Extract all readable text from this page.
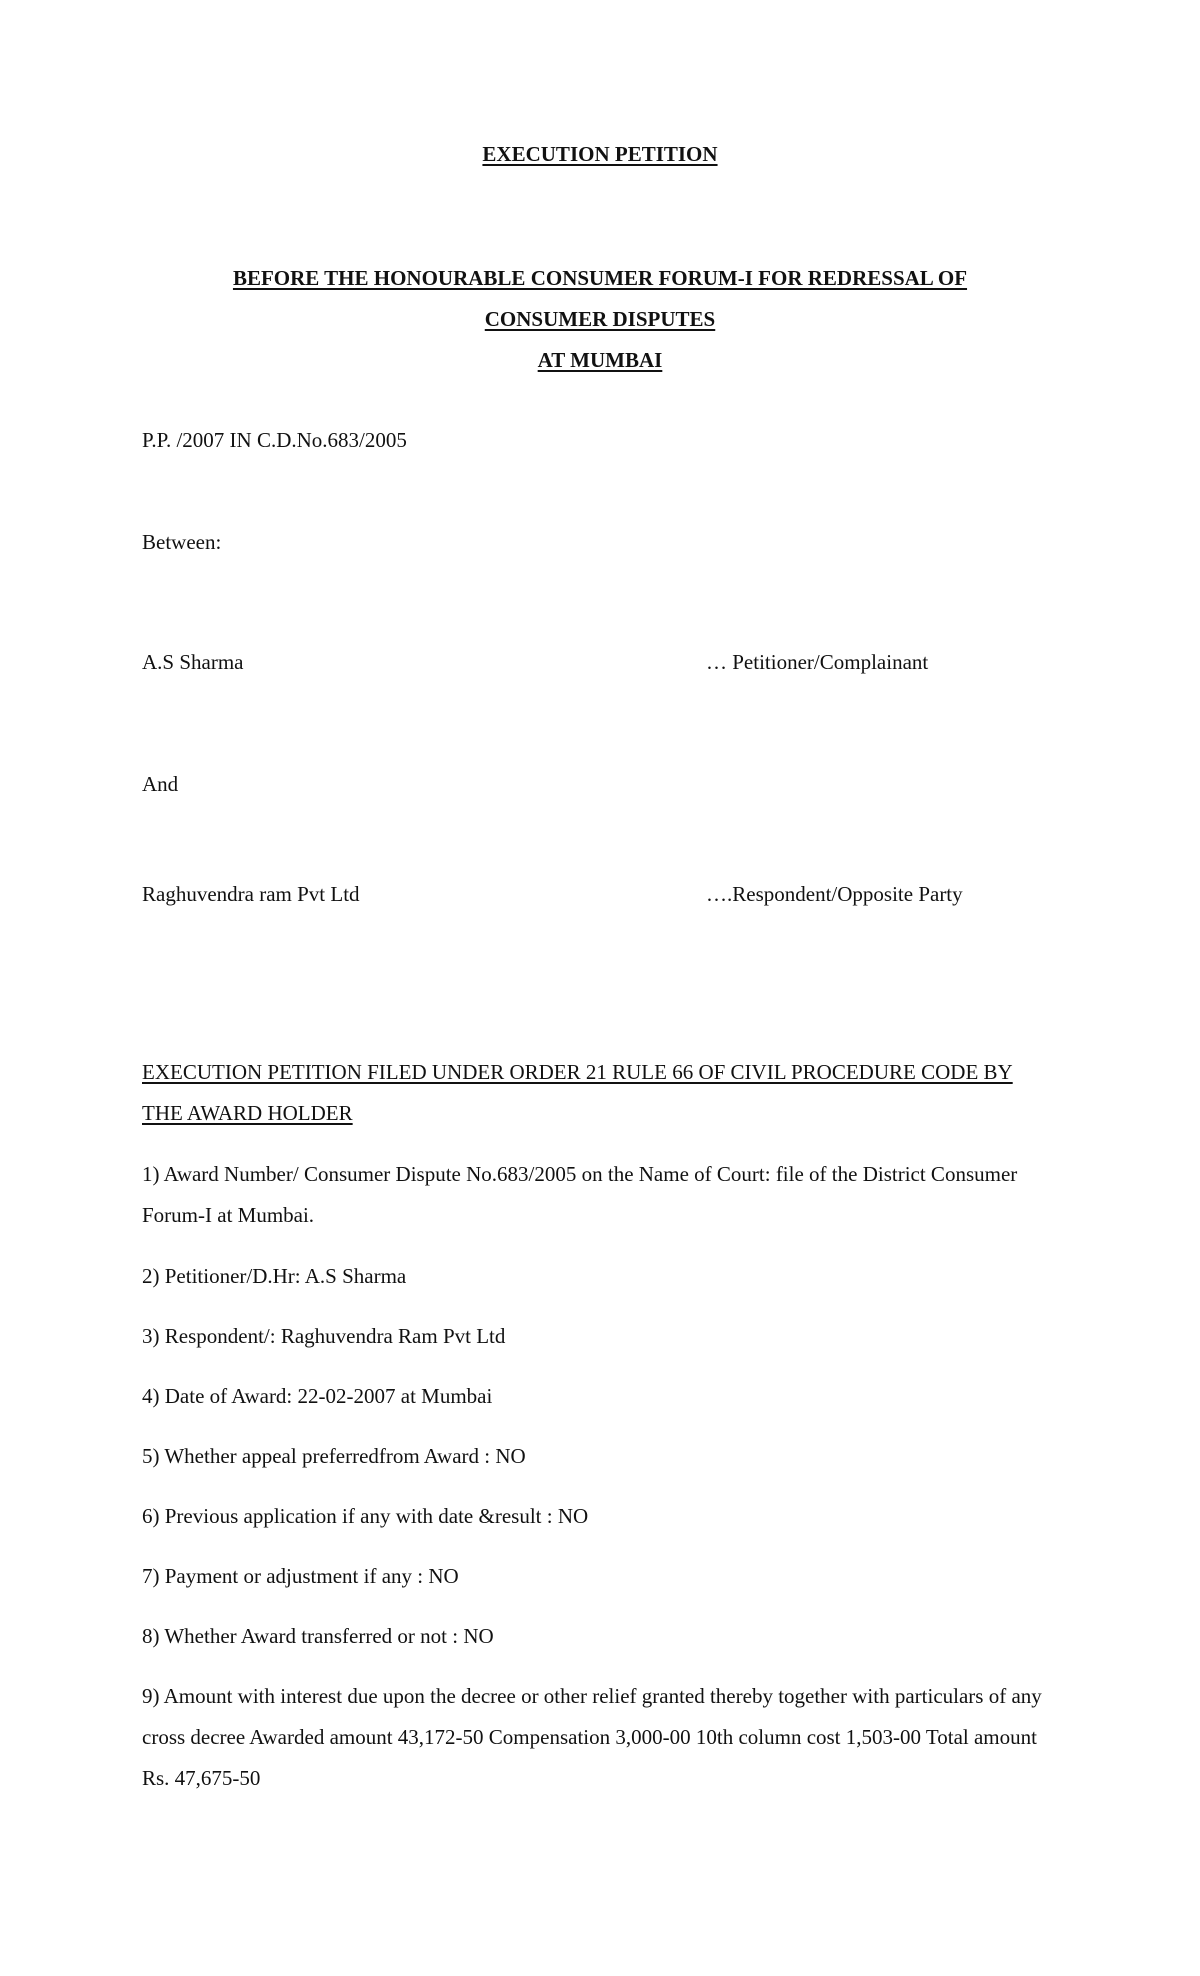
EXECUTION PETITION
BEFORE THE HONOURABLE CONSUMER FORUM-I FOR REDRESSAL OF
CONSUMER DISPUTES
AT MUMBAI
P.P. /2007 IN C.D.No.683/2005
Between:
A.S Sharma	… Petitioner/Complainant
And
Raghuvendra ram Pvt Ltd	….Respondent/Opposite Party
EXECUTION PETITION FILED UNDER ORDER 21 RULE 66 OF CIVIL PROCEDURE CODE BY THE AWARD HOLDER
1) Award Number/ Consumer Dispute No.683/2005 on the Name of Court: file of the District Consumer Forum-I at Mumbai.
2) Petitioner/D.Hr: A.S Sharma
3) Respondent/: Raghuvendra Ram Pvt Ltd
4) Date of Award: 22-02-2007 at Mumbai
5) Whether appeal preferredfrom Award : NO
6) Previous application if any with date &result : NO
7) Payment or adjustment if any : NO
8) Whether Award transferred or not : NO
9) Amount with interest due upon the decree or other relief granted thereby together with particulars of any cross decree Awarded amount 43,172-50 Compensation 3,000-00 10th column cost 1,503-00 Total amount Rs. 47,675-50
